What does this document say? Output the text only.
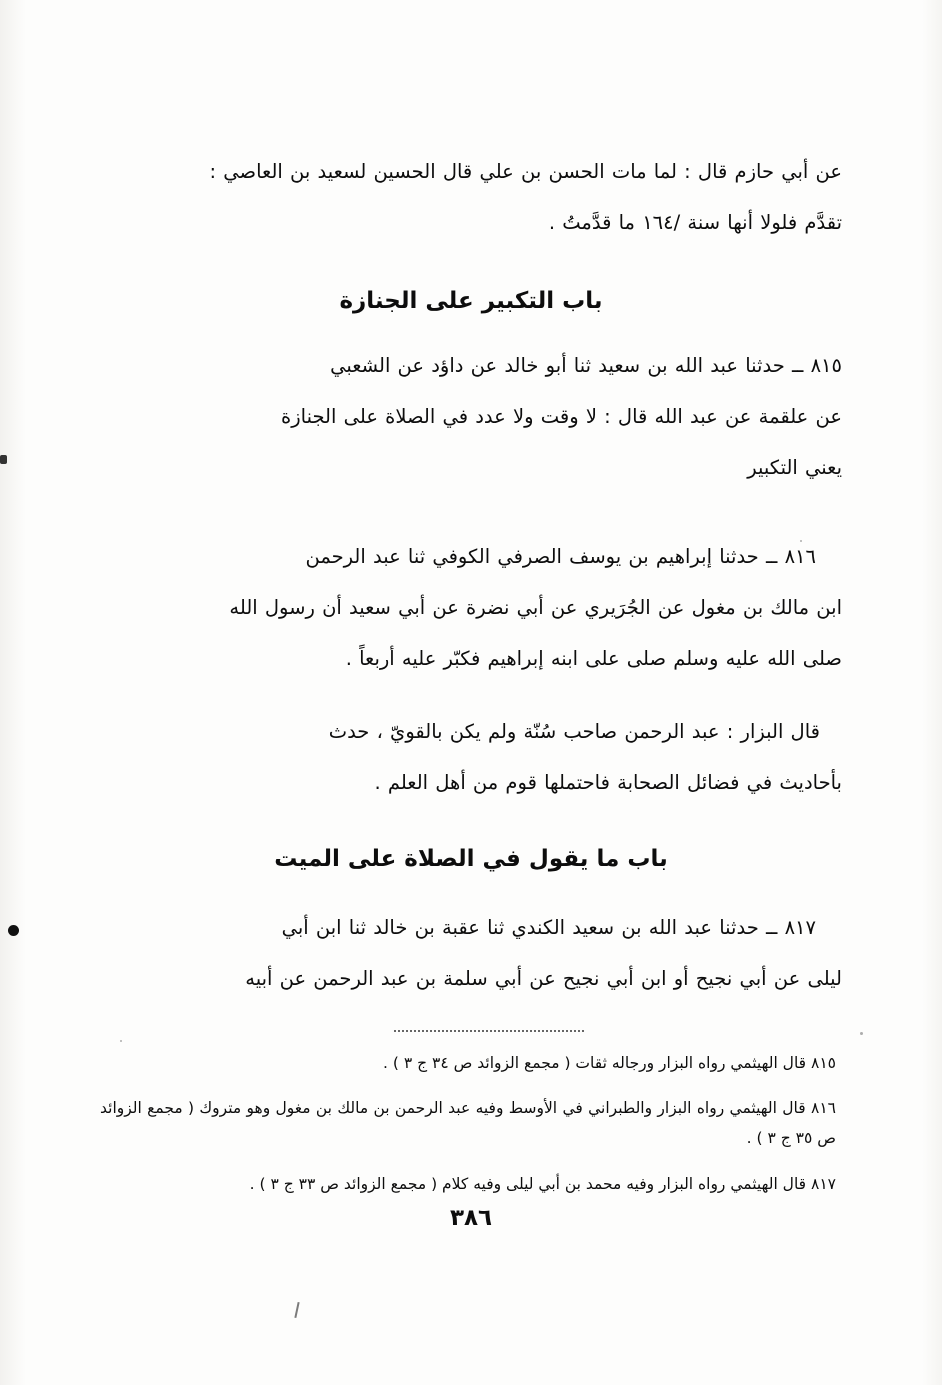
عن أبي حازم قال : لما مات الحسن بن علي قال الحسين لسعيد بن العاصي :

تقدَّم فلولا أنها سنة /١٦٤ ما قدَّمتُ .

باب التكبير على الجنازة

٨١٥ ــ حدثنا عبد الله بن سعيد ثنا أبو خالد عن داؤد عن الشعبي

عن علقمة عن عبد الله قال : لا وقت ولا عدد في الصلاة على الجنازة

يعني التكبير

٨١٦ ــ حدثنا إبراهيم بن يوسف الصرفي الكوفي ثنا عبد الرحمن

ابن مالك بن مغول عن الجُرَيري عن أبي نضرة عن أبي سعيد أن رسول الله

صلى الله عليه وسلم صلى على ابنه إبراهيم فكبّر عليه أربعاً .

قال البزار : عبد الرحمن صاحب سُنّة ولم يكن بالقويّ ، حدث

بأحاديث في فضائل الصحابة فاحتملها قوم من أهل العلم .

باب ما يقول في الصلاة على الميت

٨١٧ ــ حدثنا عبد الله بن سعيد الكندي ثنا عقبة بن خالد ثنا ابن أبي

ليلى عن أبي نجيح أو ابن أبي نجيح عن أبي سلمة بن عبد الرحمن عن أبيه

٨١٥ قال الهيثمي رواه البزار ورجاله ثقات ( مجمع الزوائد ص ٣٤ ج ٣ ) .

٨١٦ قال الهيثمي رواه البزار والطبراني في الأوسط وفيه عبد الرحمن بن مالك بن مغول وهو متروك ( مجمع الزوائد ص ٣٥ ج ٣ ) .

٨١٧ قال الهيثمي رواه البزار وفيه محمد بن أبي ليلى وفيه كلام ( مجمع الزوائد ص ٣٣ ج ٣ ) .

٣٨٦
